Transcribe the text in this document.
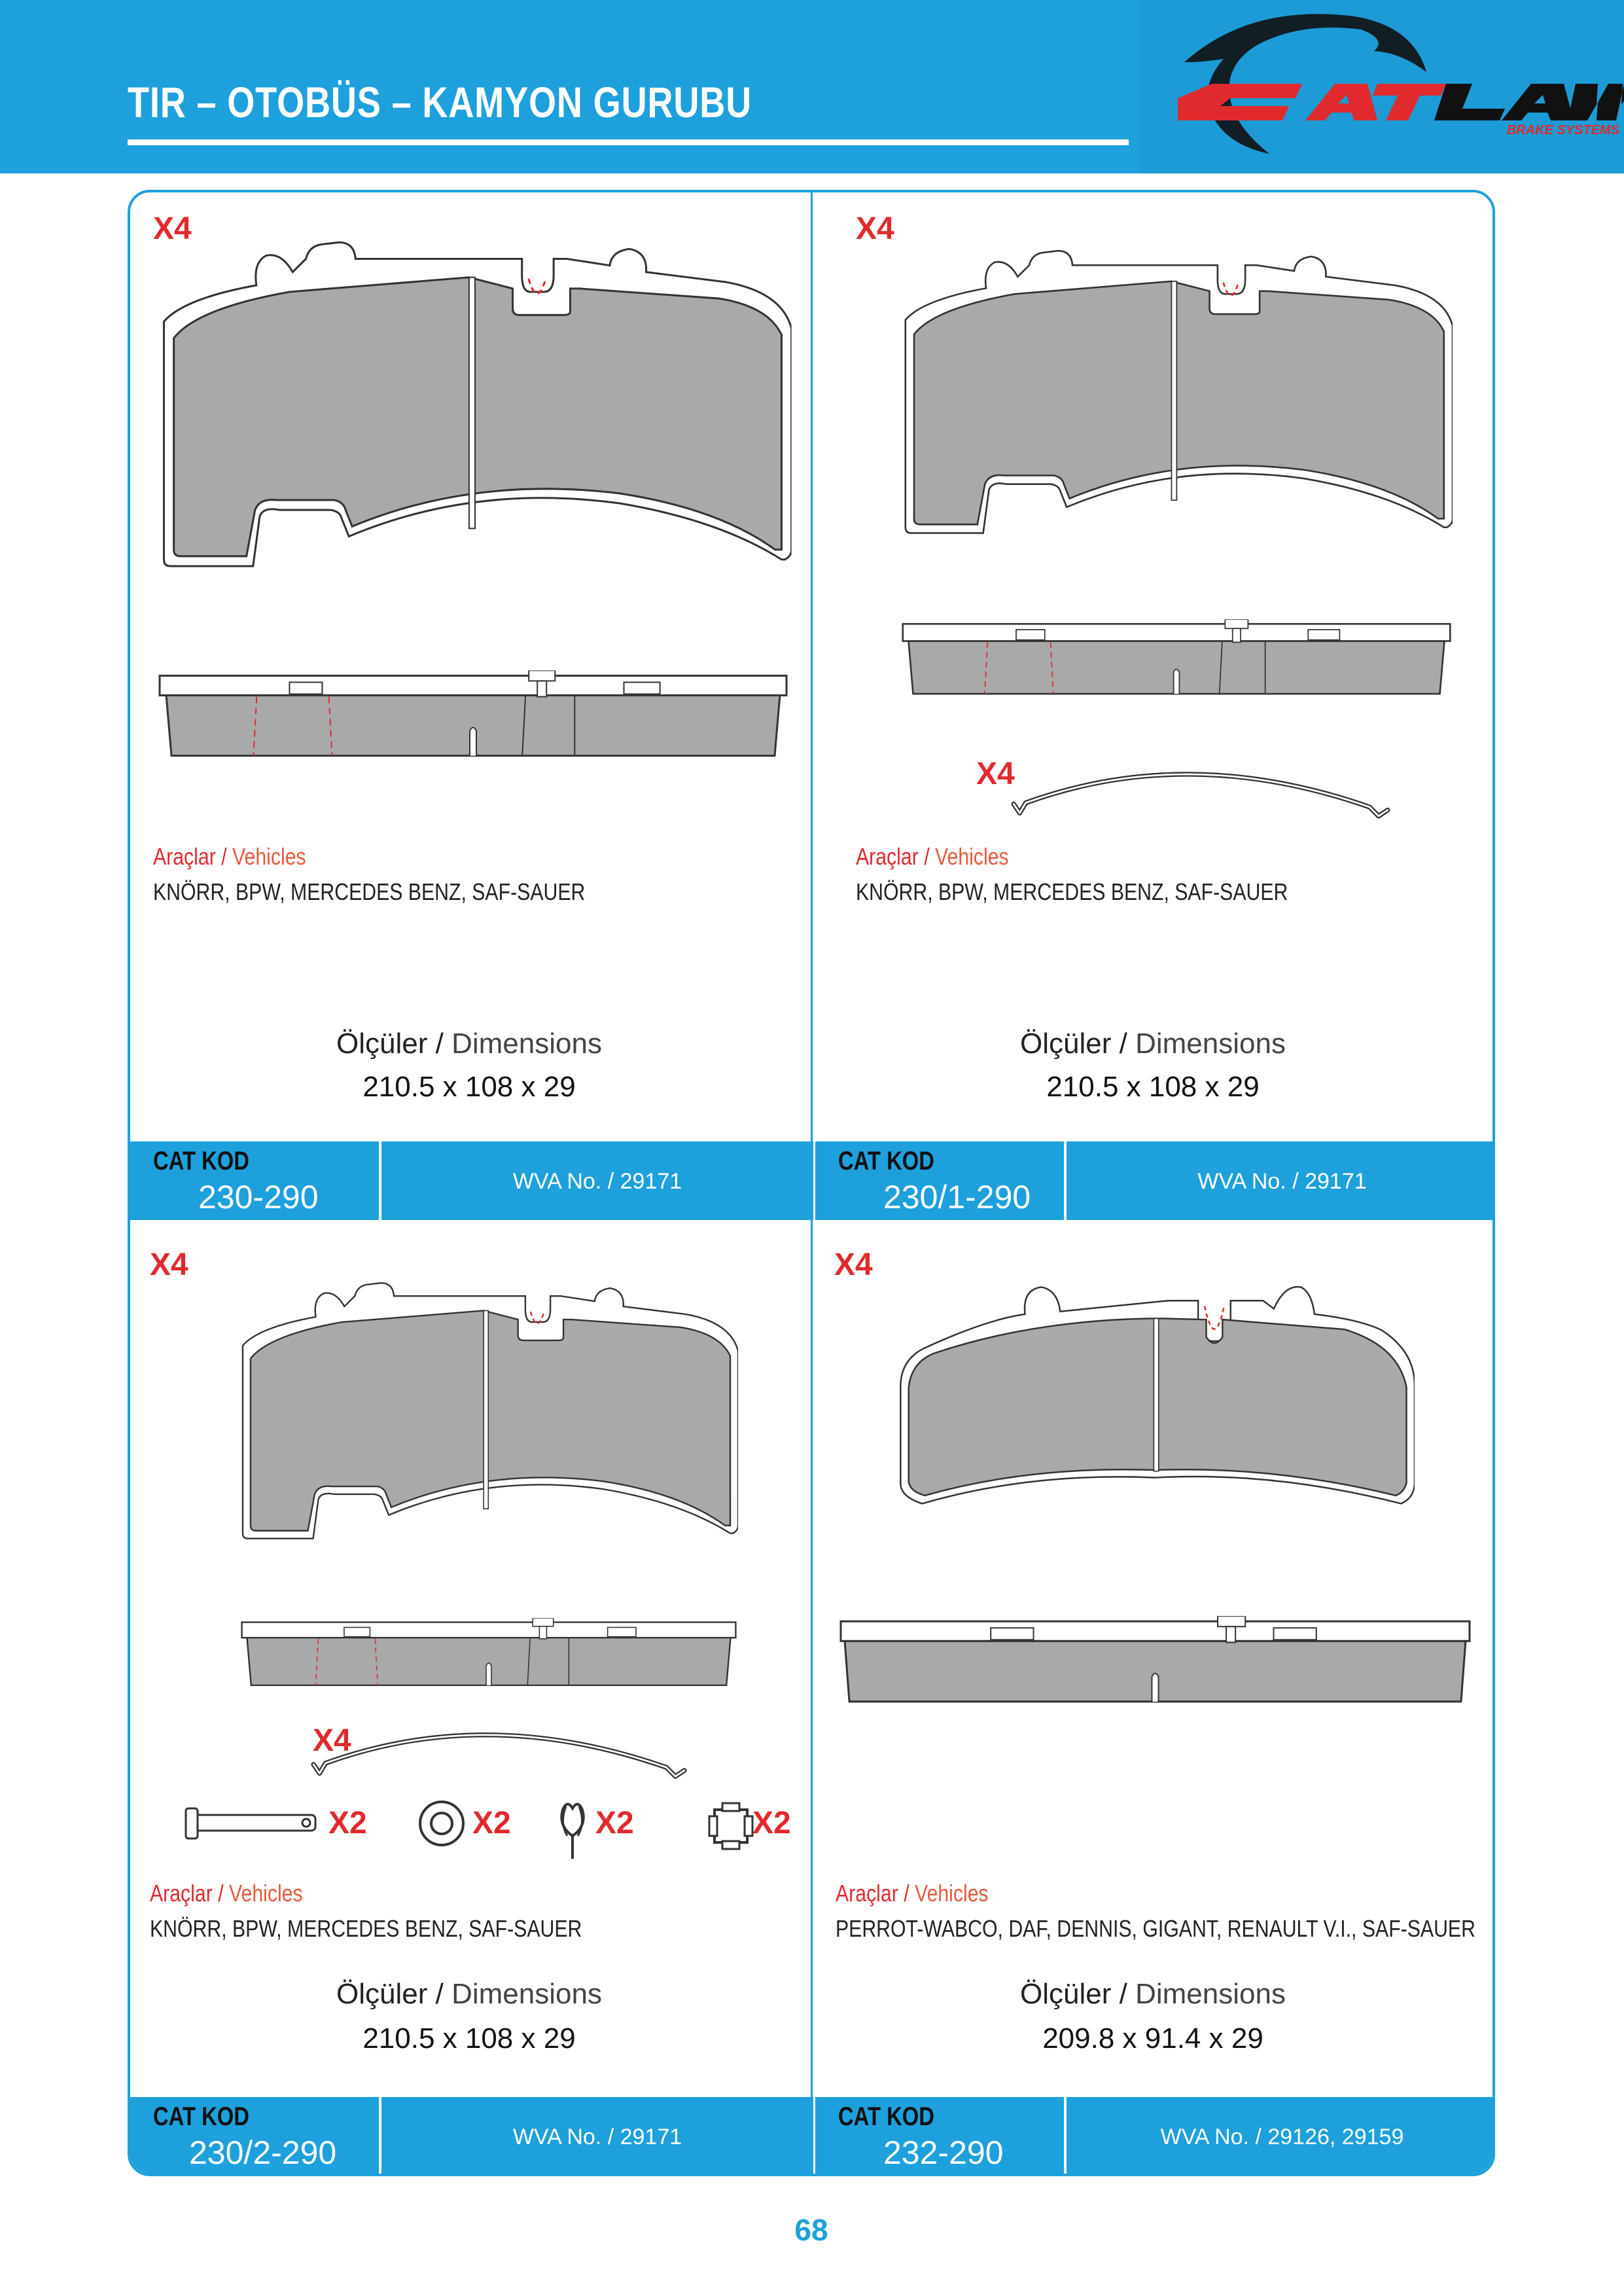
TIR – OTOBÜS – KAMYON GURUBU
BRAKE SYSTEMS
CAT KOD
230-290	WVA No. / 29171
CAT KOD
230/1-290	WVA No. / 29171
CAT KOD
230/2-290	WVA No. / 29171
CAT KOD
232-290	WVA No. / 29126, 29159
X4
Araçlar / Vehicles
KNÖRR, BPW, MERCEDES BENZ, SAF-SAUER
Ölçüler / Dimensions
210.5 x 108 x 29
X4
X4
Araçlar / Vehicles
KNÖRR, BPW, MERCEDES BENZ, SAF-SAUER
Ölçüler / Dimensions
210.5 x 108 x 29
X4
X4
X2	X2	X2	X2
Araçlar / Vehicles
KNÖRR, BPW, MERCEDES BENZ, SAF-SAUER
Ölçüler / Dimensions
210.5 x 108 x 29
X4
Araçlar / Vehicles
PERROT-WABCO, DAF, DENNIS, GIGANT, RENAULT V.I., SAF-SAUER
Ölçüler / Dimensions
209.8 x 91.4 x 29
68
